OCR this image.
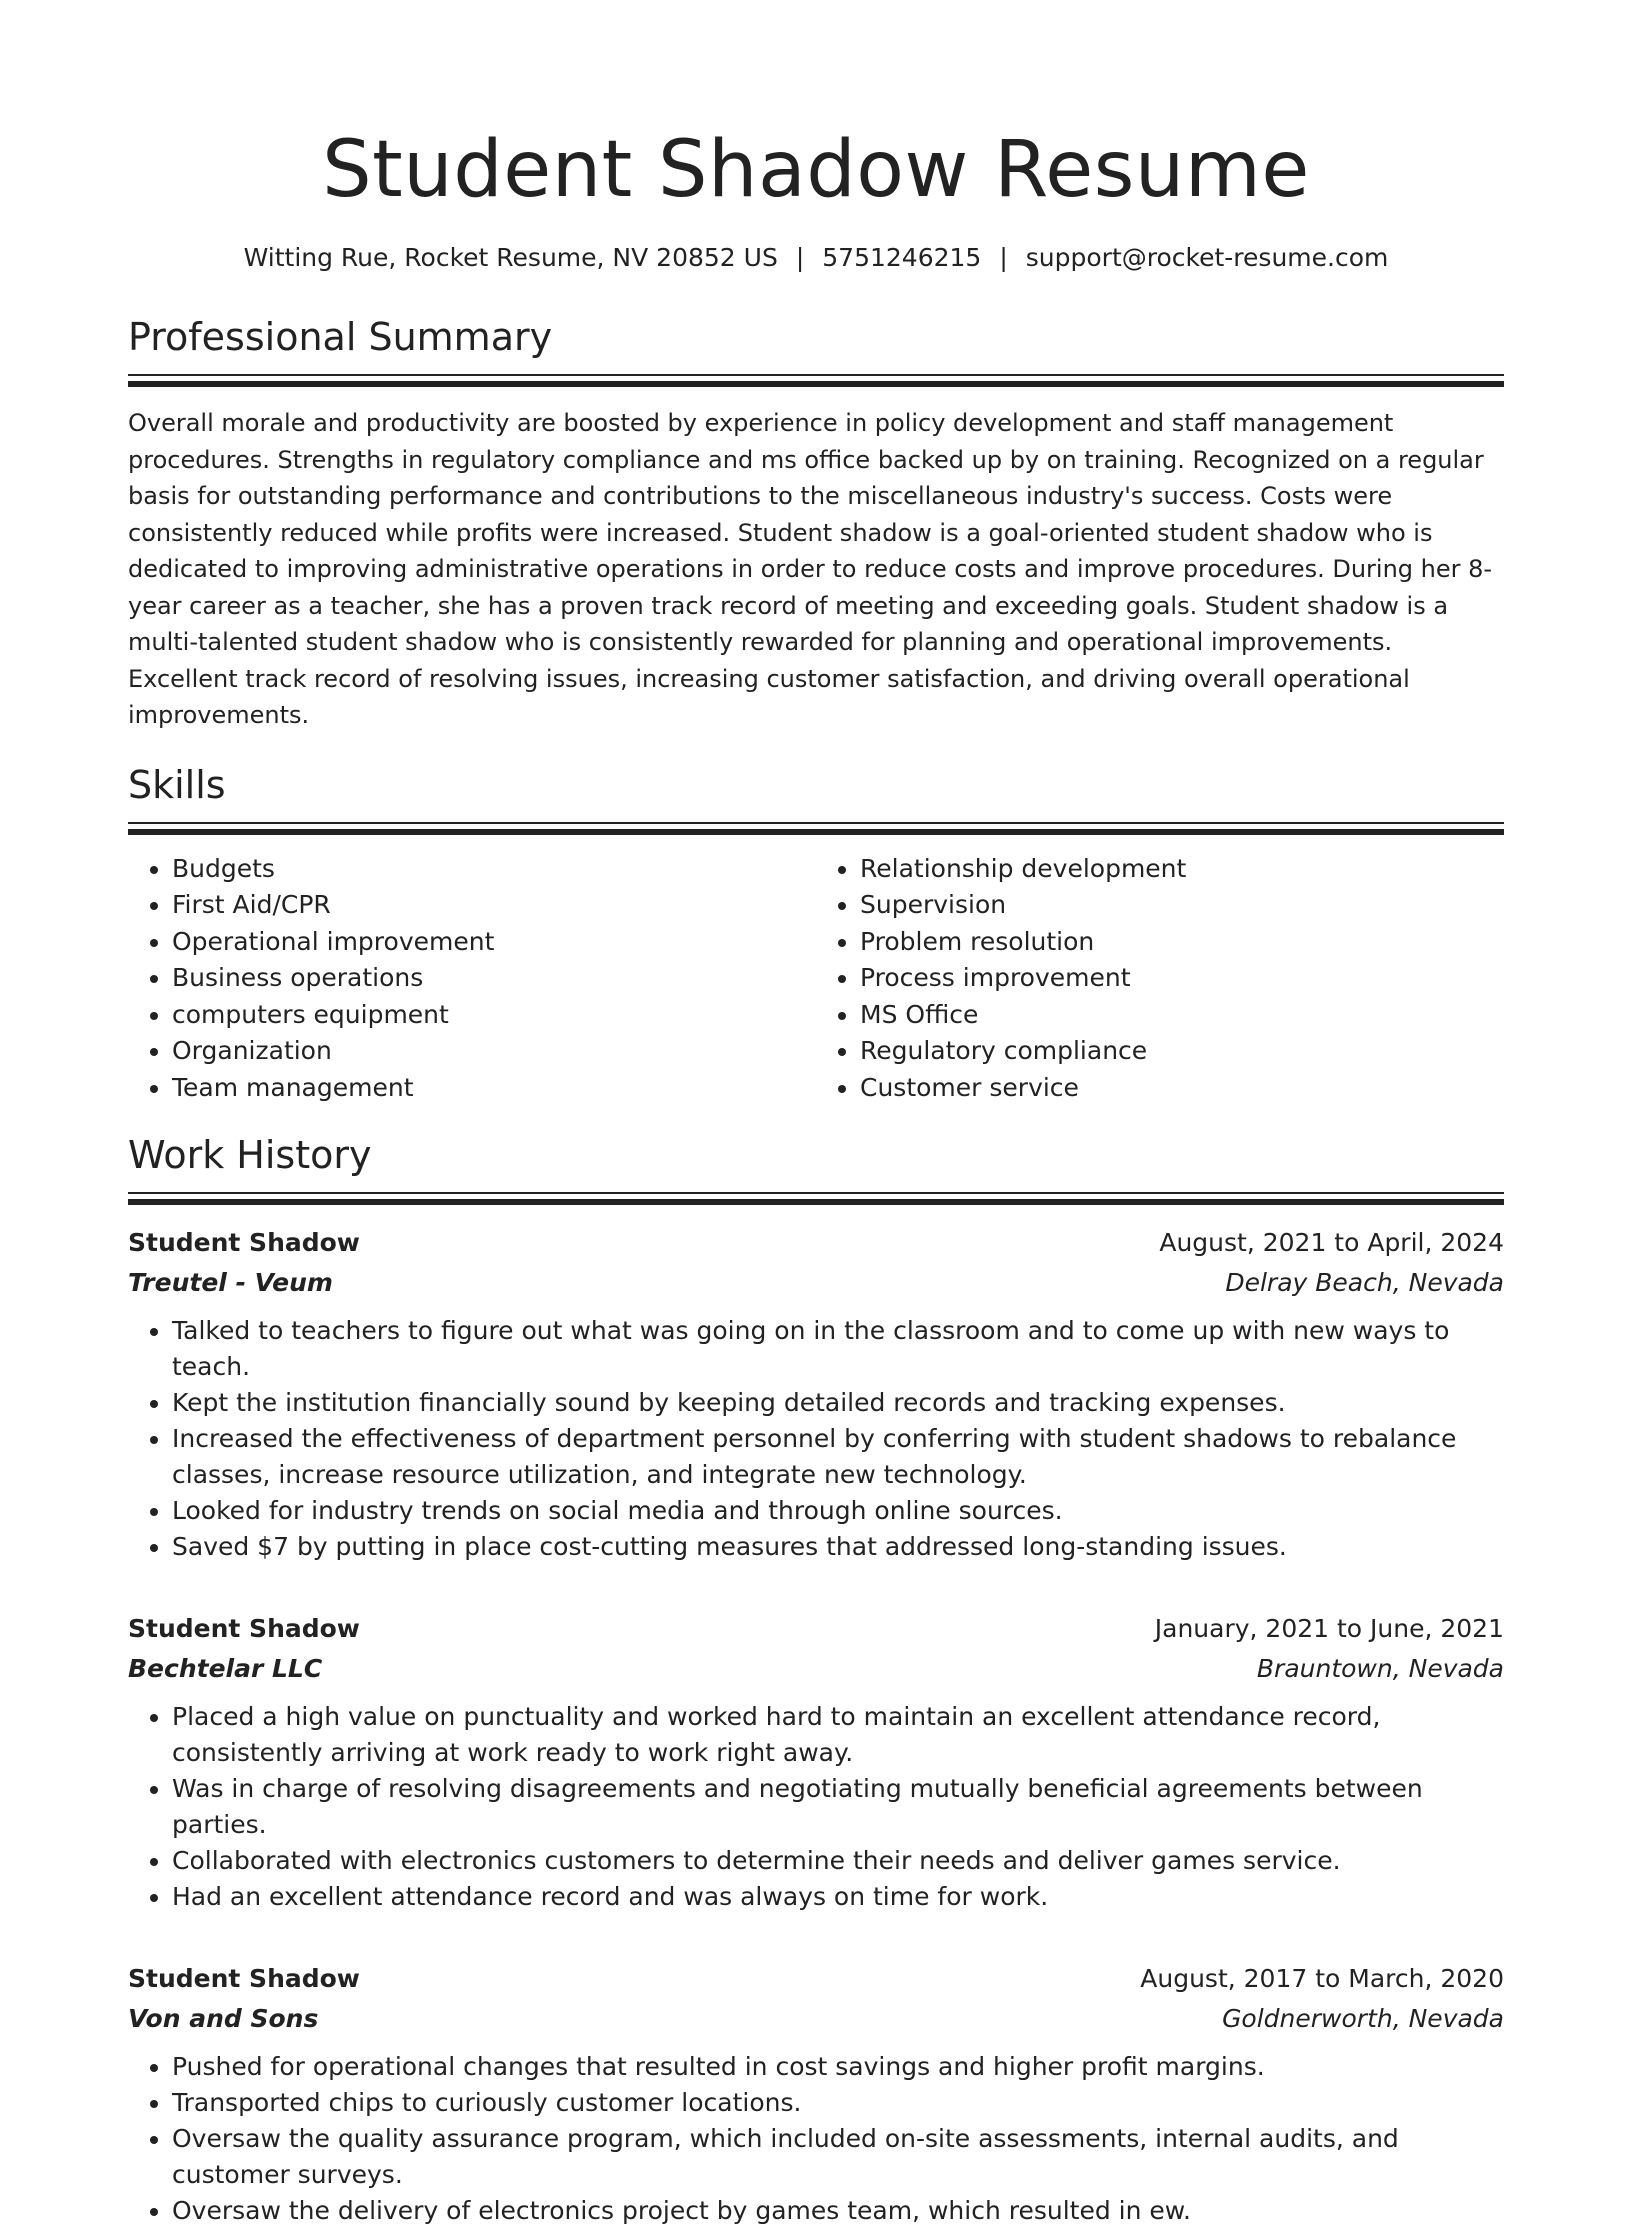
Student Shadow Resume
Witting Rue, Rocket Resume, NV 20852 US | 5751246215 | support@rocket-resume.com
Professional Summary

Overall morale and productivity are boosted by experience in policy development and staff management procedures. Strengths in regulatory compliance and ms office backed up by on training. Recognized on a regular basis for outstanding performance and contributions to the miscellaneous industry's success. Costs were consistently reduced while profits were increased. Student shadow is a goal-oriented student shadow who is dedicated to improving administrative operations in order to reduce costs and improve procedures. During her 8-year career as a teacher, she has a proven track record of meeting and exceeding goals. Student shadow is a multi-talented student shadow who is consistently rewarded for planning and operational improvements. Excellent track record of resolving issues, increasing customer satisfaction, and driving overall operational improvements.

Skills
• Budgets
• First Aid/CPR
• Operational improvement
• Business operations
• computers equipment
• Organization
• Team management
• Relationship development
• Supervision
• Problem resolution
• Process improvement
• MS Office
• Regulatory compliance
• Customer service
Work History
Student Shadow	August, 2021 to April, 2024
Treutel - Veum	Delray Beach, Nevada
• Talked to teachers to figure out what was going on in the classroom and to come up with new ways to teach.
• Kept the institution financially sound by keeping detailed records and tracking expenses.
• Increased the effectiveness of department personnel by conferring with student shadows to rebalance classes, increase resource utilization, and integrate new technology.
• Looked for industry trends on social media and through online sources.
• Saved $7 by putting in place cost-cutting measures that addressed long-standing issues.
Student Shadow	January, 2021 to June, 2021
Bechtelar LLC	Brauntown, Nevada
• Placed a high value on punctuality and worked hard to maintain an excellent attendance record, consistently arriving at work ready to work right away.
• Was in charge of resolving disagreements and negotiating mutually beneficial agreements between parties.
• Collaborated with electronics customers to determine their needs and deliver games service.
• Had an excellent attendance record and was always on time for work.
Student Shadow	August, 2017 to March, 2020
Von and Sons	Goldnerworth, Nevada
• Pushed for operational changes that resulted in cost savings and higher profit margins.
• Transported chips to curiously customer locations.
• Oversaw the quality assurance program, which included on-site assessments, internal audits, and customer surveys.
• Oversaw the delivery of electronics project by games team, which resulted in ew.
